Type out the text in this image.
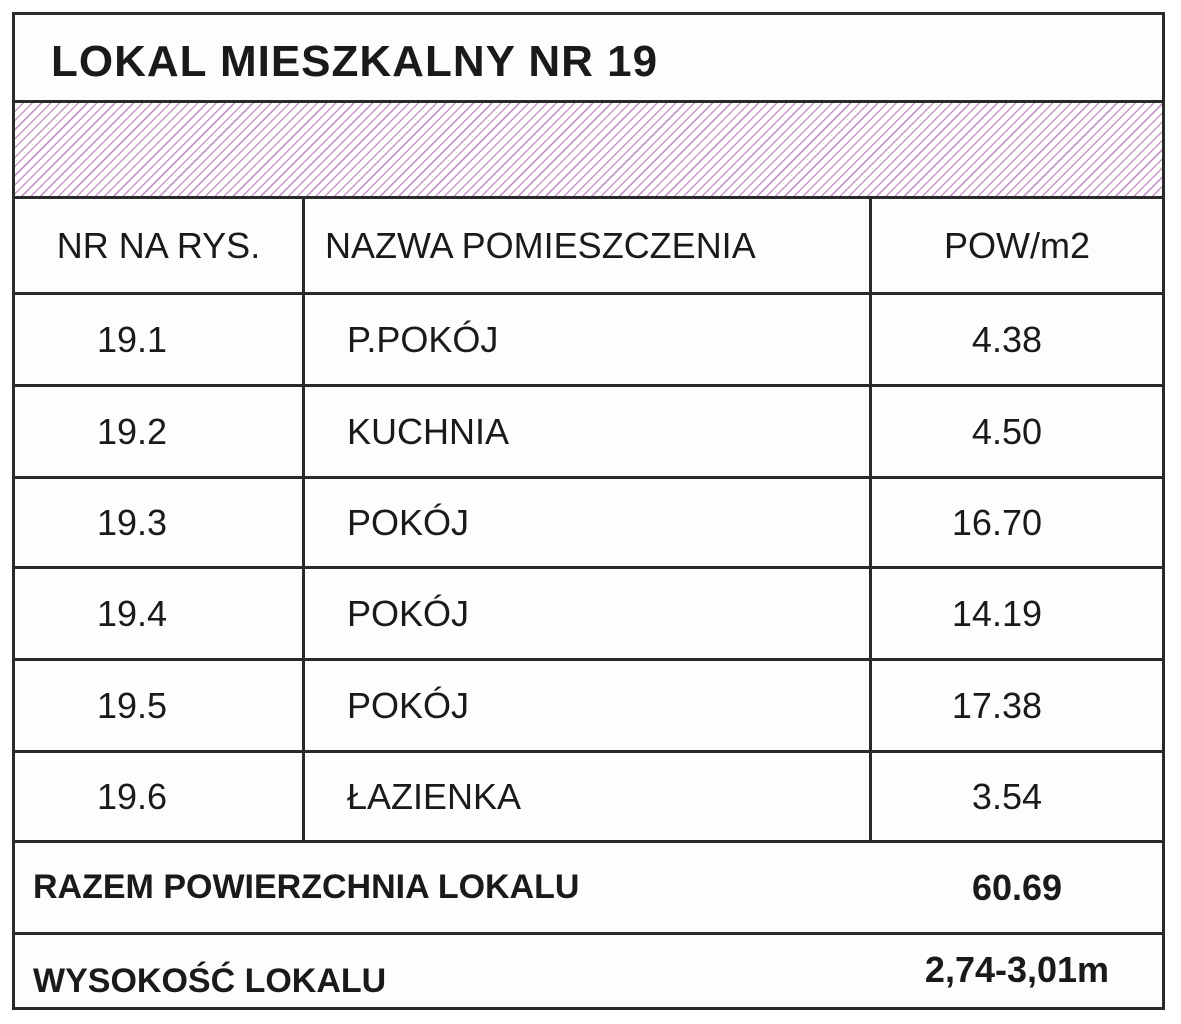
LOKAL MIESZKALNY NR 19
NR NA RYS.	NAZWA POMIESZCZENIA	POW/m2
19.1	P.POKÓJ	4.38
19.2	KUCHNIA	4.50
19.3	POKÓJ	16.70
19.4	POKÓJ	14.19
19.5	POKÓJ	17.38
19.6	ŁAZIENKA	3.54
RAZEM POWIERZCHNIA LOKALU	60.69
WYSOKOŚĆ LOKALU	2,74-3,01m
